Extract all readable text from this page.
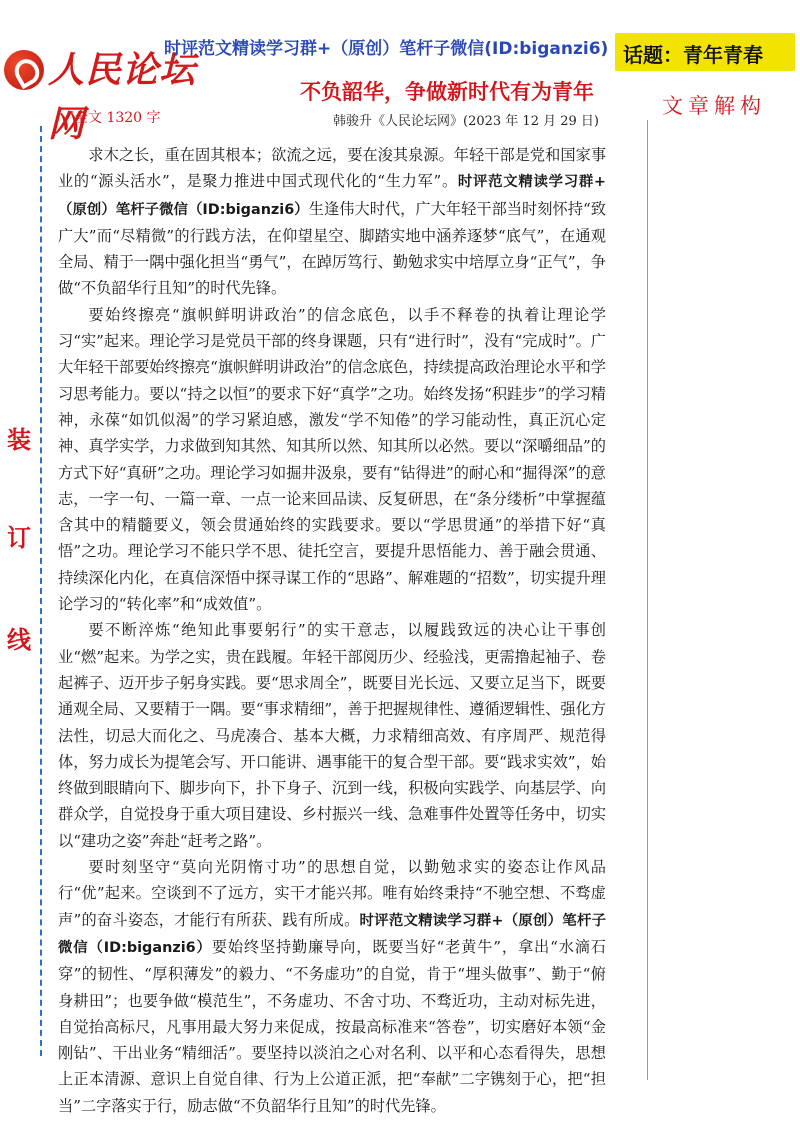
人民论坛网
时评范文精读学习群+（原创）笔杆子微信(ID:biganzi6) 话题：青年青春
不负韶华，争做新时代有为青年
文章解构
全文 1320 字	韩骏升《人民论坛网》(2023 年 12 月 29 日)
装
订
线

求木之长，重在固其根本；欲流之远，要在浚其泉源。年轻干部是党和国家事业的“源头活水”，是聚力推进中国式现代化的“生力军”。时评范文精读学习群+（原创）笔杆子微信（ID:biganzi6）生逢伟大时代，广大年轻干部当时刻怀持“致广大”而“尽精微”的行践方法，在仰望星空、脚踏实地中涵养逐梦“底气”，在通观全局、精于一隅中强化担当“勇气”，在踔厉笃行、勤勉求实中培厚立身“正气”，争做“不负韶华行且知”的时代先锋。

要始终擦亮“旗帜鲜明讲政治”的信念底色，以手不释卷的执着让理论学习“实”起来。理论学习是党员干部的终身课题，只有“进行时”，没有“完成时”。广大年轻干部要始终擦亮“旗帜鲜明讲政治”的信念底色，持续提高政治理论水平和学习思考能力。要以“持之以恒”的要求下好“真学”之功。始终发扬“积跬步”的学习精神，永葆“如饥似渴”的学习紧迫感，激发“学不知倦”的学习能动性，真正沉心定神、真学实学，力求做到知其然、知其所以然、知其所以必然。要以“深嚼细品”的方式下好“真研”之功。理论学习如掘井汲泉，要有“钻得进”的耐心和“掘得深”的意志，一字一句、一篇一章、一点一论来回品读、反复研思，在“条分缕析”中掌握蕴含其中的精髓要义，领会贯通始终的实践要求。要以“学思贯通”的举措下好“真悟”之功。理论学习不能只学不思、徒托空言，要提升思悟能力、善于融会贯通、持续深化内化，在真信深悟中探寻谋工作的“思路”、解难题的“招数”，切实提升理论学习的“转化率”和“成效值”。

要不断淬炼“绝知此事要躬行”的实干意志，以履践致远的决心让干事创业“燃”起来。为学之实，贵在践履。年轻干部阅历少、经验浅，更需撸起袖子、卷起裤子、迈开步子躬身实践。要“思求周全”，既要目光长远、又要立足当下，既要通观全局、又要精于一隅。要“事求精细”，善于把握规律性、遵循逻辑性、强化方法性，切忌大而化之、马虎凑合、基本大概，力求精细高效、有序周严、规范得体，努力成长为提笔会写、开口能讲、遇事能干的复合型干部。要“践求实效”，始终做到眼睛向下、脚步向下，扑下身子、沉到一线，积极向实践学、向基层学、向群众学，自觉投身于重大项目建设、乡村振兴一线、急难事件处置等任务中，切实以“建功之姿”奔赴“赶考之路”。

要时刻坚守“莫向光阴惰寸功”的思想自觉，以勤勉求实的姿态让作风品行“优”起来。空谈到不了远方，实干才能兴邦。唯有始终秉持“不驰空想、不骛虚声”的奋斗姿态，才能行有所获、践有所成。时评范文精读学习群+（原创）笔杆子微信（ID:biganzi6）要始终坚持勤廉导向，既要当好“老黄牛”，拿出“水滴石穿”的韧性、“厚积薄发”的毅力、“不务虚功”的自觉，肯于“埋头做事”、勤于“俯身耕田”；也要争做“模范生”，不务虚功、不舍寸功、不骛近功，主动对标先进，自觉抬高标尺，凡事用最大努力来促成，按最高标准来“答卷”，切实磨好本领“金刚钻”、干出业务“精细活”。要坚持以淡泊之心对名利、以平和心态看得失，思想上正本清源、意识上自觉自律、行为上公道正派，把“奉献”二字镌刻于心，把“担当”二字落实于行，励志做“不负韶华行且知”的时代先锋。
